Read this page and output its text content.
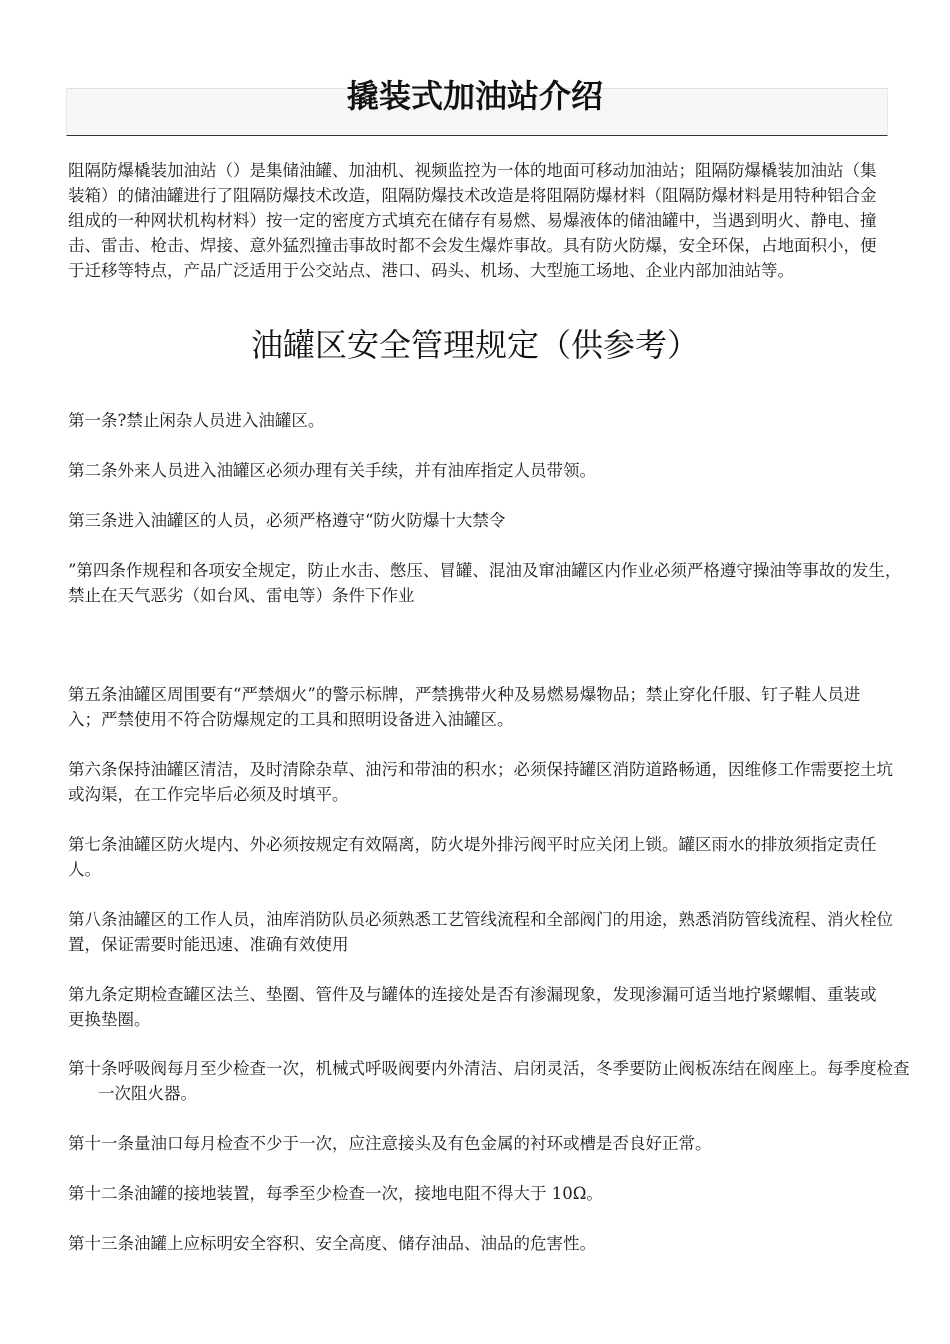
撬装式加油站介绍

阻隔防爆橇装加油站（）是集储油罐、加油机、视频监控为一体的地面可移动加油站；阻隔防爆橇装加油站（集装箱）的储油罐进行了阻隔防爆技术改造，阻隔防爆技术改造是将阻隔防爆材料（阻隔防爆材料是用特种铝合金组成的一种网状机构材料）按一定的密度方式填充在储存有易燃、易爆液体的储油罐中，当遇到明火、静电、撞击、雷击、枪击、焊接、意外猛烈撞击事故时都不会发生爆炸事故。具有防火防爆，安全环保，占地面积小，便于迁移等特点，产品广泛适用于公交站点、港口、码头、机场、大型施工场地、企业内部加油站等。

油罐区安全管理规定（供参考）

第一条?禁止闲杂人员进入油罐区。

第二条外来人员进入油罐区必须办理有关手续，并有油库指定人员带领。

第三条进入油罐区的人员，必须严格遵守“防火防爆十大禁令

”第四条作规程和各项安全规定，防止水击、憋压、冒罐、混油及窜油罐区内作业必须严格遵守操油等事故的发生，禁止在天气恶劣（如台风、雷电等）条件下作业

第五条油罐区周围要有“严禁烟火”的警示标牌，严禁携带火种及易燃易爆物品；禁止穿化仟服、钉子鞋人员进入；严禁使用不符合防爆规定的工具和照明设备进入油罐区。

第六条保持油罐区清洁，及时清除杂草、油污和带油的积水；必须保持罐区消防道路畅通，因维修工作需要挖土坑或沟渠，在工作完毕后必须及时填平。

第七条油罐区防火堤内、外必须按规定有效隔离，防火堤外排污阀平时应关闭上锁。罐区雨水的排放须指定责任人。

第八条油罐区的工作人员，油库消防队员必须熟悉工艺管线流程和全部阀门的用途，熟悉消防管线流程、消火栓位置，保证需要时能迅速、准确有效使用

第九条定期检查罐区法兰、垫圈、管件及与罐体的连接处是否有渗漏现象，发现渗漏可适当地拧紧螺帽、重装或更换垫圈。

第十条呼吸阀每月至少检查一次，机械式呼吸阀要内外清洁、启闭灵活，冬季要防止阀板冻结在阀座上。每季度检查一次阻火器。

第十一条量油口每月检查不少于一次，应注意接头及有色金属的衬环或槽是否良好正常。

第十二条油罐的接地装置，每季至少检查一次，接地电阻不得大于 10Ω。

第十三条油罐上应标明安全容积、安全高度、储存油品、油品的危害性。
